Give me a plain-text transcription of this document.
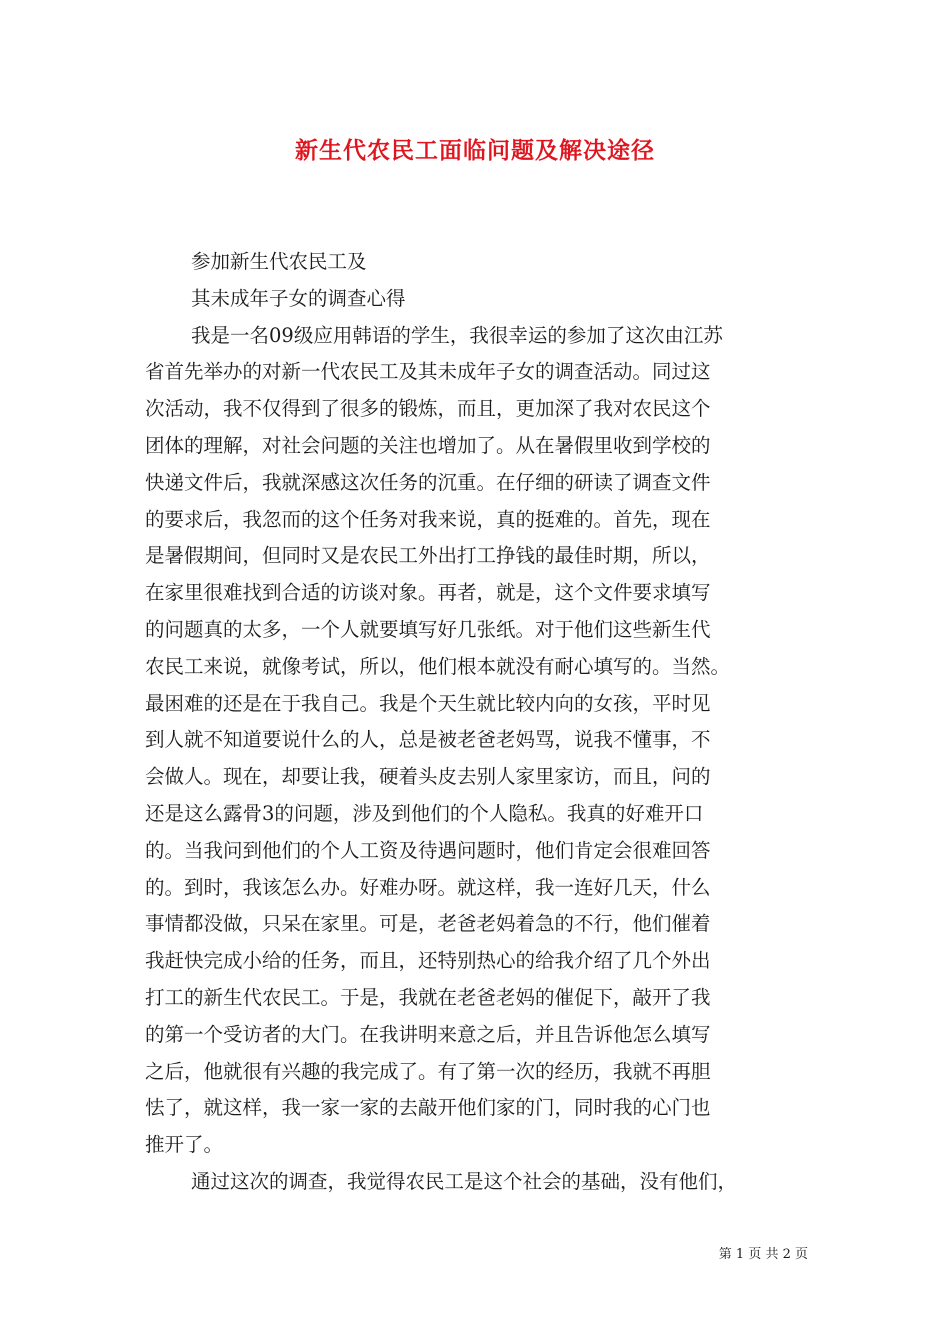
新生代农民工面临问题及解决途径

参加新生代农民工及

其未成年子女的调查心得

我是一名09级应用韩语的学生，我很幸运的参加了这次由江苏
省首先举办的对新一代农民工及其未成年子女的调查活动。同过这
次活动，我不仅得到了很多的锻炼，而且，更加深了我对农民这个
团体的理解，对社会问题的关注也增加了。从在暑假里收到学校的
快递文件后，我就深感这次任务的沉重。在仔细的研读了调查文件
的要求后，我忽而的这个任务对我来说，真的挺难的。首先，现在
是暑假期间，但同时又是农民工外出打工挣钱的最佳时期，所以，
在家里很难找到合适的访谈对象。再者，就是，这个文件要求填写
的问题真的太多，一个人就要填写好几张纸。对于他们这些新生代
农民工来说，就像考试，所以，他们根本就没有耐心填写的。当然。
最困难的还是在于我自己。我是个天生就比较内向的女孩，平时见
到人就不知道要说什么的人，总是被老爸老妈骂，说我不懂事，不
会做人。现在，却要让我，硬着头皮去别人家里家访，而且，问的
还是这么露骨3的问题，涉及到他们的个人隐私。我真的好难开口
的。当我问到他们的个人工资及待遇问题时，他们肯定会很难回答
的。到时，我该怎么办。好难办呀。就这样，我一连好几天，什么
事情都没做，只呆在家里。可是，老爸老妈着急的不行，他们催着
我赶快完成小给的任务，而且，还特别热心的给我介绍了几个外出
打工的新生代农民工。于是，我就在老爸老妈的催促下，敲开了我
的第一个受访者的大门。在我讲明来意之后，并且告诉他怎么填写
之后，他就很有兴趣的我完成了。有了第一次的经历，我就不再胆
怯了，就这样，我一家一家的去敲开他们家的门，同时我的心门也
推开了。
通过这次的调查，我觉得农民工是这个社会的基础，没有他们，
第 1 页 共 2 页
